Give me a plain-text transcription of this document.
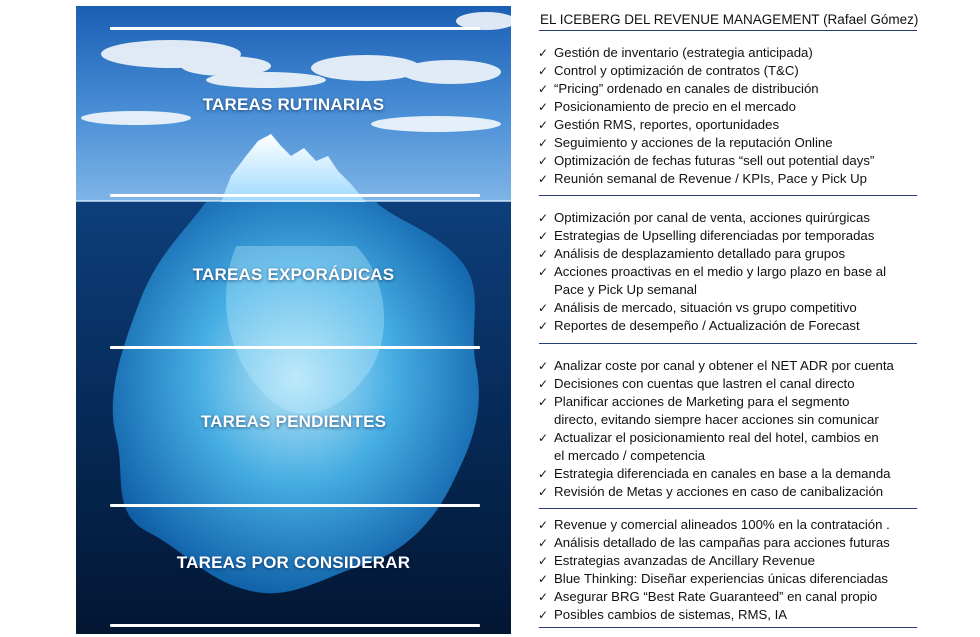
TAREAS RUTINARIAS
TAREAS EXPORÁDICAS
TAREAS PENDIENTES
TAREAS POR CONSIDERAR
EL ICEBERG DEL REVENUE MANAGEMENT (Rafael Gómez)
✓ Gestión de inventario (estrategia anticipada)
✓ Control y optimización de contratos (T&C)
✓ “Pricing” ordenado en canales de distribución
✓ Posicionamiento de precio en el mercado
✓ Gestión RMS, reportes, oportunidades
✓ Seguimiento y acciones de la reputación Online
✓ Optimización de fechas futuras “sell out potential days”
✓ Reunión semanal de Revenue / KPIs, Pace y Pick Up
✓ Optimización por canal de venta, acciones quirúrgicas
✓ Estrategias de Upselling diferenciadas por temporadas
✓ Análisis de desplazamiento detallado para grupos
✓ Acciones proactivas en el medio y largo plazo en base al
Pace y Pick Up semanal
✓ Análisis de mercado, situación vs grupo competitivo
✓ Reportes de desempeño / Actualización de Forecast
✓ Analizar coste por canal y obtener el NET ADR por cuenta
✓ Decisiones con cuentas que lastren el canal directo
✓ Planificar acciones de Marketing para el segmento
directo, evitando siempre hacer acciones sin comunicar
✓ Actualizar el posicionamiento real del hotel, cambios en
el mercado / competencia
✓ Estrategia diferenciada en canales en base a la demanda
✓ Revisión de Metas y acciones en caso de canibalización
✓ Revenue y comercial alineados 100% en la contratación .
✓ Análisis detallado de las campañas para acciones futuras
✓ Estrategias avanzadas de Ancillary Revenue
✓ Blue Thinking: Diseñar experiencias únicas diferenciadas
✓ Asegurar BRG “Best Rate Guaranteed” en canal propio
✓ Posibles cambios de sistemas, RMS, IA
